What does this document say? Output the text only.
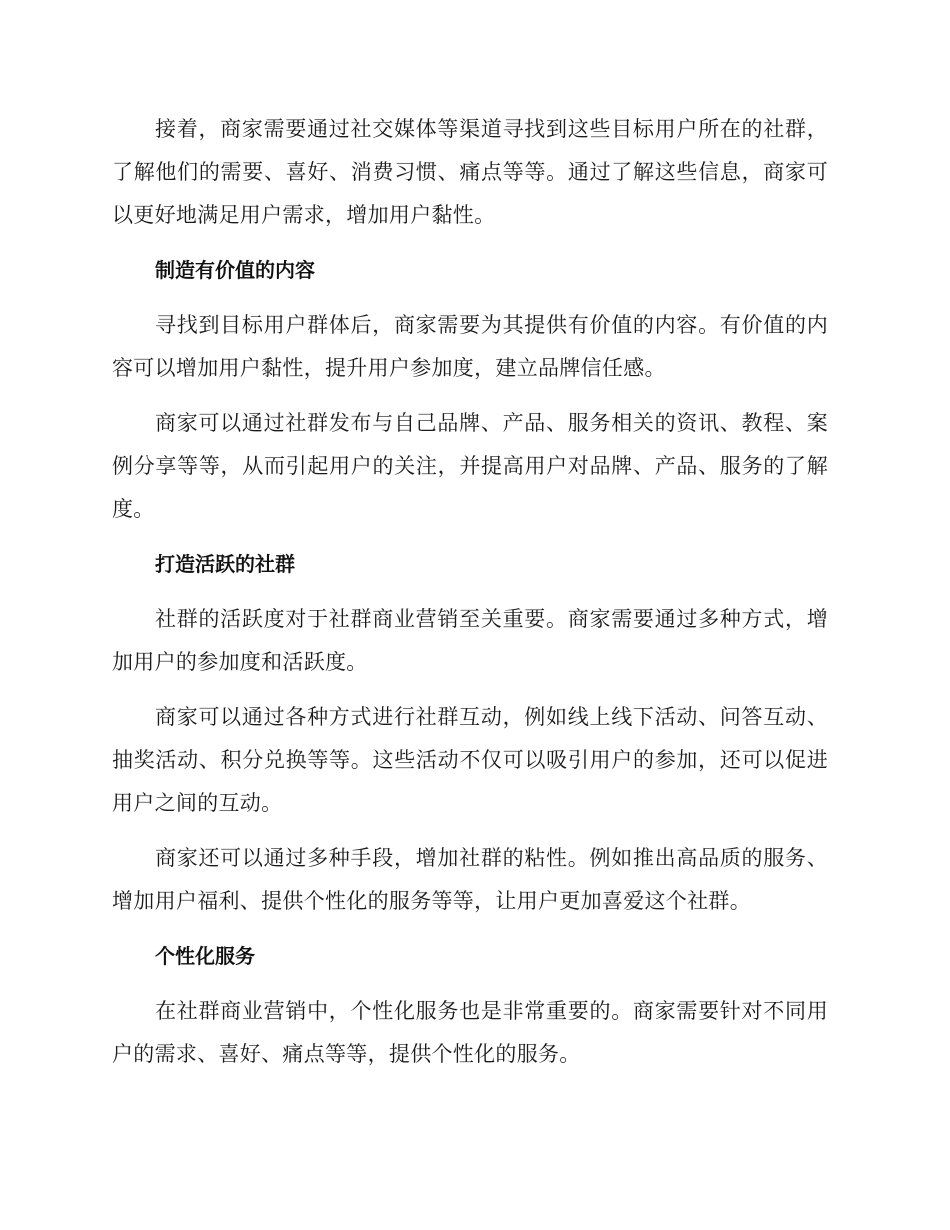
接着，商家需要通过社交媒体等渠道寻找到这些目标用户所在的社群，了解他们的需要、喜好、消费习惯、痛点等等。通过了解这些信息，商家可以更好地满足用户需求，增加用户黏性。

制造有价值的内容

寻找到目标用户群体后，商家需要为其提供有价值的内容。有价值的内容可以增加用户黏性，提升用户参加度，建立品牌信任感。

商家可以通过社群发布与自己品牌、产品、服务相关的资讯、教程、案例分享等等，从而引起用户的关注，并提高用户对品牌、产品、服务的了解度。

打造活跃的社群

社群的活跃度对于社群商业营销至关重要。商家需要通过多种方式，增加用户的参加度和活跃度。

商家可以通过各种方式进行社群互动，例如线上线下活动、问答互动、抽奖活动、积分兑换等等。这些活动不仅可以吸引用户的参加，还可以促进用户之间的互动。

商家还可以通过多种手段，增加社群的粘性。例如推出高品质的服务、增加用户福利、提供个性化的服务等等，让用户更加喜爱这个社群。

个性化服务

在社群商业营销中，个性化服务也是非常重要的。商家需要针对不同用户的需求、喜好、痛点等等，提供个性化的服务。
